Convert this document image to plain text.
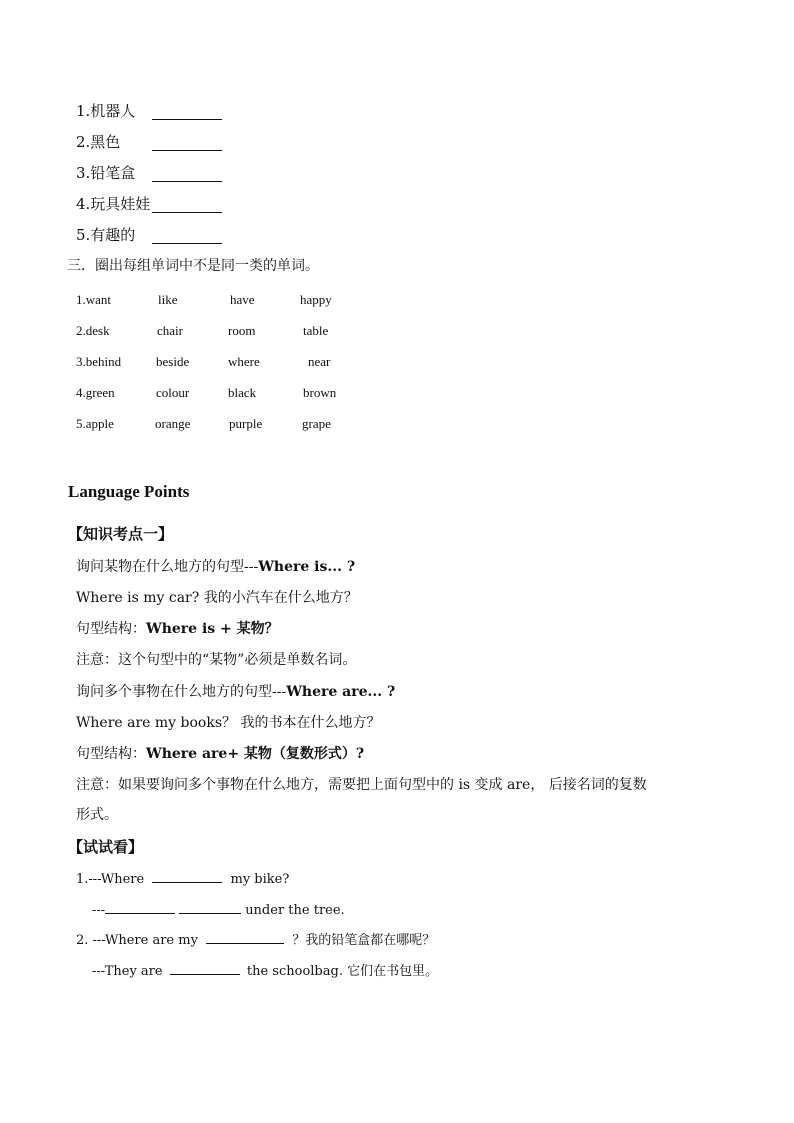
1.机器人
2.黑色
3.铅笔盒
4.玩具娃娃
5.有趣的
三．圈出每组单词中不是同一类的单词。
1.want	like	have	happy
2.desk	chair	room	table
3.behind	beside	where	near
4.green	colour	black	brown
5.apple	orange	purple	grape
Language Points
【知识考点一】
询问某物在什么地方的句型---Where is... ?
Where is my car? 我的小汽车在什么地方？
句型结构：Where is + 某物？
注意：这个句型中的“某物”必须是单数名词。
询问多个事物在什么地方的句型---Where are... ?
Where are my books？ 我的书本在什么地方？
句型结构：Where are+ 某物（复数形式）?
注意：如果要询问多个事物在什么地方，需要把上面句型中的 is 变成 are， 后接名词的复数
形式。
【试试看】
1.---Where	my bike?
---	under the tree.
2. ---Where are my	？我的铅笔盒都在哪呢？
---They are	the schoolbag. 它们在书包里。
